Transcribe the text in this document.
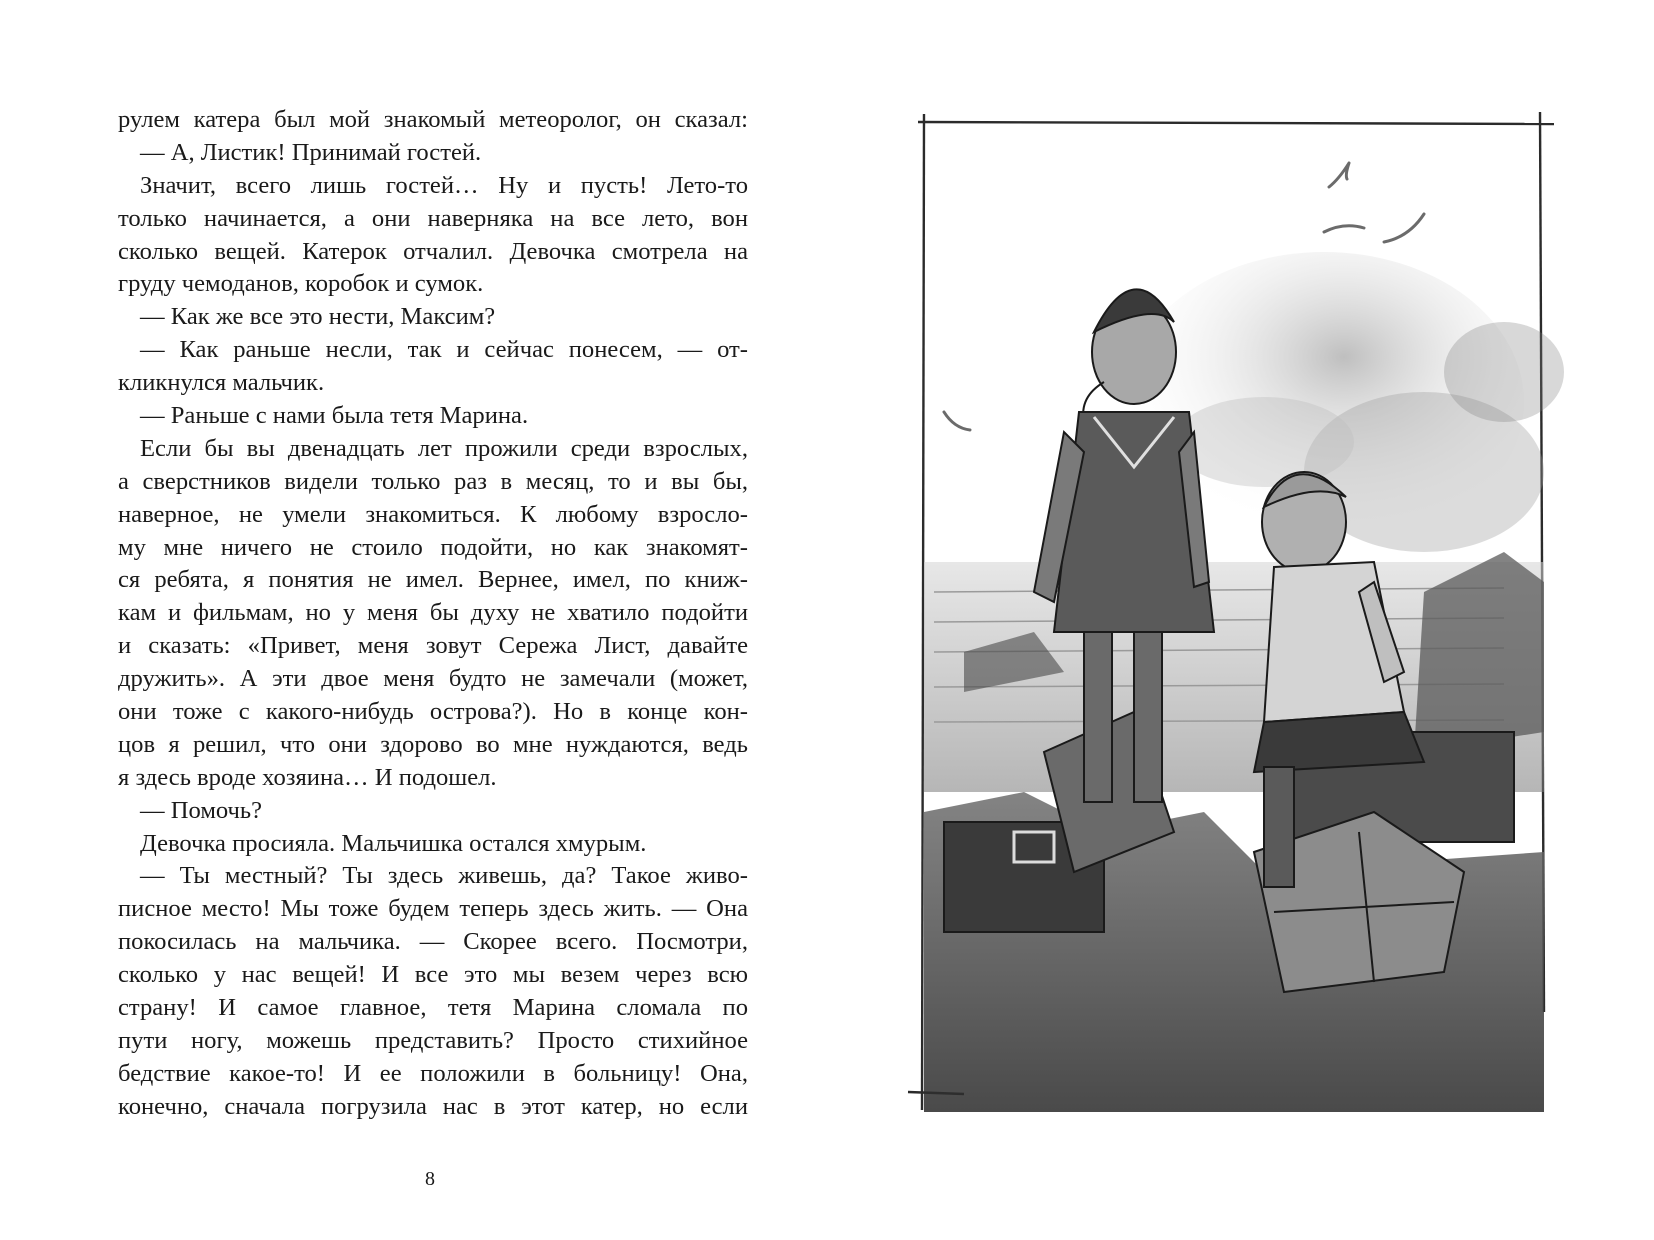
рулем катера был мой знакомый метеоролог, он сказал:
— А, Листик! Принимай гостей.
Значит, всего лишь гостей… Ну и пусть! Лето-то
только начинается, а они наверняка на все лето, вон
сколько вещей. Катерок отчалил. Девочка смотрела на
груду чемоданов, коробок и сумок.
— Как же все это нести, Максим?
— Как раньше несли, так и сейчас понесем, — от-
кликнулся мальчик.
— Раньше с нами была тетя Марина.
Если бы вы двенадцать лет прожили среди взрослых,
а сверстников видели только раз в месяц, то и вы бы,
наверное, не умели знакомиться. К любому взросло-
му мне ничего не стоило подойти, но как знакомят-
ся ребята, я понятия не имел. Вернее, имел, по книж-
кам и фильмам, но у меня бы духу не хватило подойти
и сказать: «Привет, меня зовут Сережа Лист, давайте
дружить». А эти двое меня будто не замечали (может,
они тоже с какого-нибудь острова?). Но в конце кон-
цов я решил, что они здорово во мне нуждаются, ведь
я здесь вроде хозяина… И подошел.
— Помочь?
Девочка просияла. Мальчишка остался хмурым.
— Ты местный? Ты здесь живешь, да? Такое живо-
писное место! Мы тоже будем теперь здесь жить. — Она
покосилась на мальчика. — Скорее всего. Посмотри,
сколько у нас вещей! И все это мы везем через всю
страну! И самое главное, тетя Марина сломала по
пути ногу, можешь представить? Просто стихийное
бедствие какое-то! И ее положили в больницу! Она,
конечно, сначала погрузила нас в этот катер, но если
8
